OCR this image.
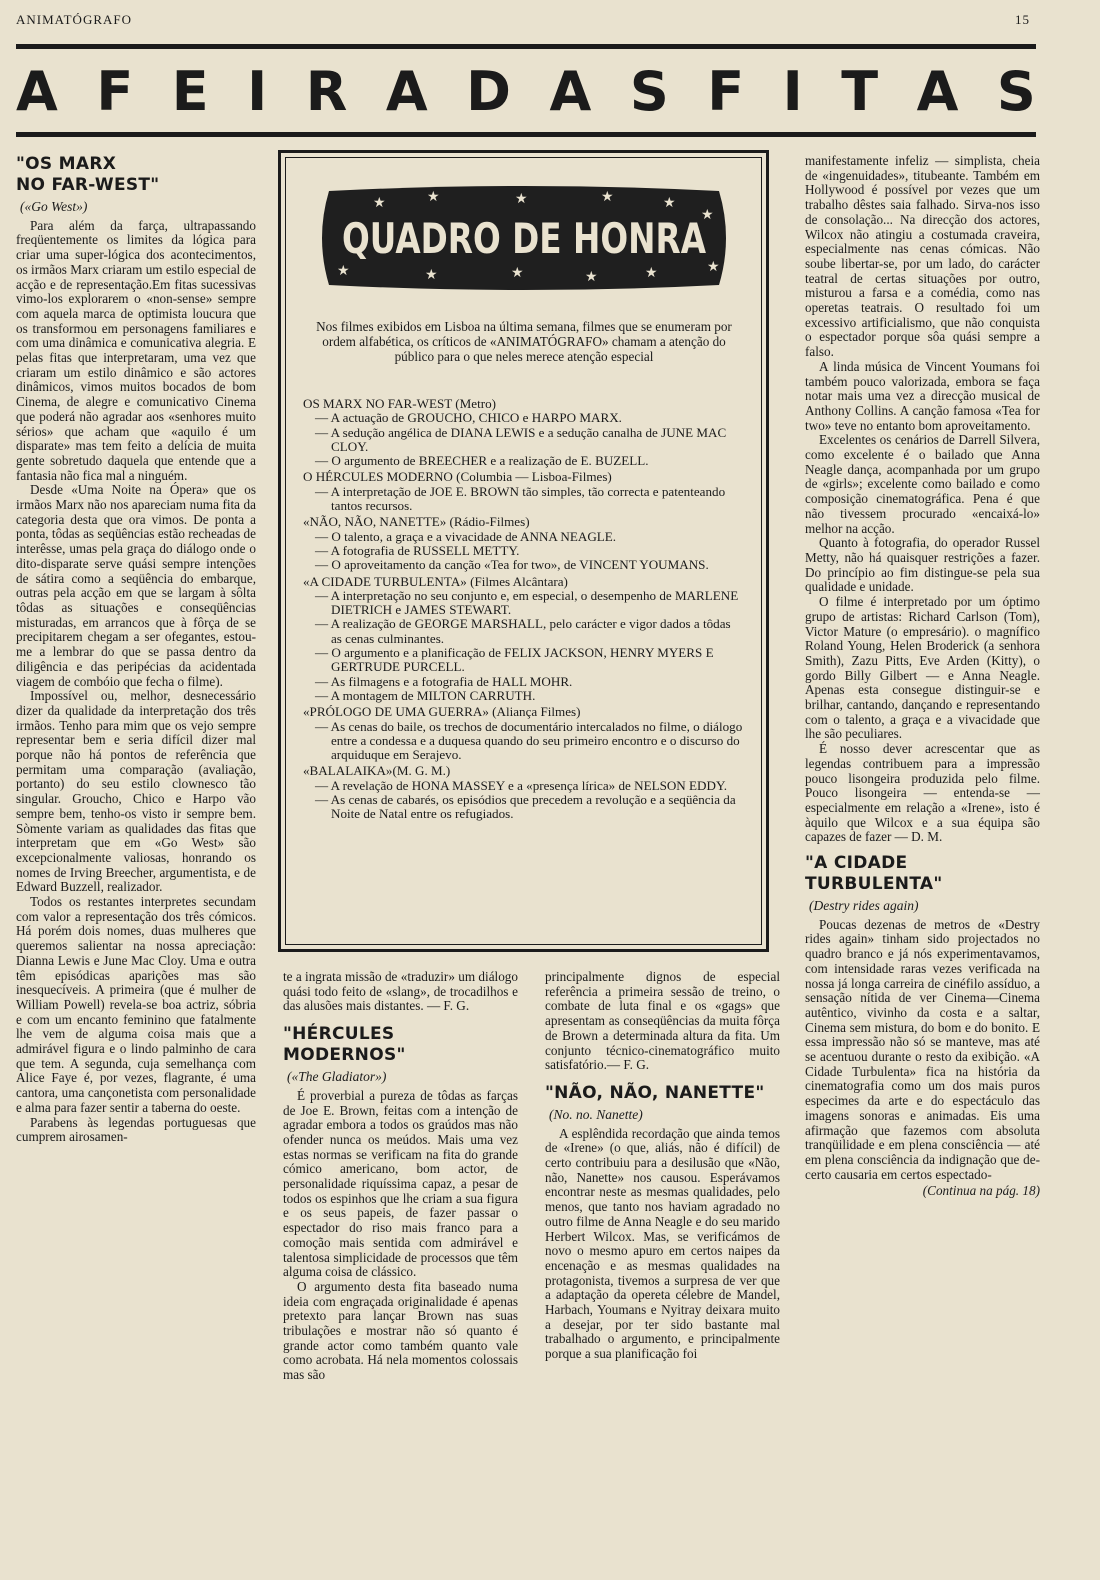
ANIMATÓGRAFO	15
A F E I R A D A S F I T A S
"OS MARX
NO FAR-WEST"
(«Go West»)

Para além da farça, ultrapassando freqüentemente os limites da lógica para criar uma super-lógica dos acontecimentos, os irmãos Marx criaram um estilo especial de acção e de representação.Em fitas sucessivas vimo-los explorarem o «non-sense» sempre com aquela marca de optimista loucura que os transformou em personagens familiares e com uma dinâmica e comunicativa alegria. E pelas fitas que interpretaram, uma vez que criaram um estilo dinâmico e são actores dinâmicos, vimos muitos bocados de bom Cinema, de alegre e comunicativo Cinema que poderá não agradar aos «senhores muito sérios» que acham que «aquilo é um disparate» mas tem feito a delícia de muita gente sobretudo daquela que entende que a fantasia não fica mal a ninguém.

Desde «Uma Noite na Ópera» que os irmãos Marx não nos apareciam numa fita da categoria desta que ora vimos. De ponta a ponta, tôdas as seqüências estão recheadas de interêsse, umas pela graça do diálogo onde o dito-disparate serve quási sempre intenções de sátira como a seqüência do embarque, outras pela acção em que se largam à sôlta tôdas as situações e conseqüências misturadas, em arrancos que à fôrça de se precipitarem chegam a ser ofegantes, estou-me a lembrar do que se passa dentro da diligência e das peripécias da acidentada viagem de combóio que fecha o filme).

Impossível ou, melhor, desnecessário dizer da qualidade da interpretação dos três irmãos. Tenho para mim que os vejo sempre representar bem e seria difícil dizer mal porque não há pontos de referência que permitam uma comparação (avaliação, portanto) do seu estilo clownesco tão singular. Groucho, Chico e Harpo vão sempre bem, tenho-os visto ir sempre bem. Sòmente variam as qualidades das fitas que interpretam que em «Go West» são excepcionalmente valiosas, honrando os nomes de Irving Breecher, argumentista, e de Edward Buzzell, realizador.

Todos os restantes interpretes secundam com valor a representação dos três cómicos. Há porém dois nomes, duas mulheres que queremos salientar na nossa apreciação: Dianna Lewis e June Mac Cloy. Uma e outra têm episódicas aparições mas são inesquecíveis. A primeira (que é mulher de William Powell) revela-se boa actriz, sóbria e com um encanto feminino que fatalmente lhe vem de alguma coisa mais que a admirável figura e o lindo palminho de cara que tem. A segunda, cuja semelhança com Alice Faye é, por vezes, flagrante, é uma cantora, uma cançonetista com personalidade e alma para fazer sentir a taberna do oeste.

Parabens às legendas portuguesas que cumprem airosamen-

★	★	★	★	★
★
★	★	★	★	★	★
QUADRO DE HONRA
Nos filmes exibidos em Lisboa na última semana, filmes que se enumeram por ordem alfabética, os críticos de «ANIMATÓGRAFO» chamam a atenção do público para o que neles merece atenção especial

OS MARX NO FAR-WEST (Metro)

— A actuação de GROUCHO, CHICO e HARPO MARX.

— A sedução angélica de DIANA LEWIS e a sedução canalha de JUNE MAC CLOY.

— O argumento de BREECHER e a realização de E. BUZELL.

O HÉRCULES MODERNO (Columbia — Lisboa-Filmes)

— A interpretação de JOE E. BROWN tão simples, tão correcta e patenteando tantos recursos.

«NÃO, NÃO, NANETTE» (Rádio-Filmes)

— O talento, a graça e a vivacidade de ANNA NEAGLE.

— A fotografia de RUSSELL METTY.

— O aproveitamento da canção «Tea for two», de VINCENT YOUMANS.

«A CIDADE TURBULENTA» (Filmes Alcântara)

— A interpretação no seu conjunto e, em especial, o desempenho de MARLENE DIETRICH e JAMES STEWART.

— A realização de GEORGE MARSHALL, pelo carácter e vigor dados a tôdas as cenas culminantes.

— O argumento e a planificação de FELIX JACKSON, HENRY MYERS E GERTRUDE PURCELL.

— As filmagens e a fotografia de HALL MOHR.

— A montagem de MILTON CARRUTH.

«PRÓLOGO DE UMA GUERRA» (Aliança Filmes)

— As cenas do baile, os trechos de documentário intercalados no filme, o diálogo entre a condessa e a duquesa quando do seu primeiro encontro e o discurso do arquiduque em Serajevo.

«BALALAIKA»(M. G. M.)

— A revelação de HONA MASSEY e a «presença lírica» de NELSON EDDY.

— As cenas de cabarés, os episódios que precedem a revolução e a seqüência da Noite de Natal entre os refugiados.

te a ingrata missão de «traduzir» um diálogo quási todo feito de «slang», de trocadilhos e das alusões mais distantes. — F. G.

"HÉRCULES
MODERNOS"
(«The Gladiator»)

É proverbial a pureza de tôdas as farças de Joe E. Brown, feitas com a intenção de agradar embora a todos os graúdos mas não ofender nunca os meúdos. Mais uma vez estas normas se verificam na fita do grande cómico americano, bom actor, de personalidade riquíssima capaz, a pesar de todos os espinhos que lhe criam a sua figura e os seus papeis, de fazer passar o espectador do riso mais franco para a comoção mais sentida com admirável e talentosa simplicidade de processos que têm alguma coisa de clássico.

O argumento desta fita baseado numa ideia com engraçada originalidade é apenas pretexto para lançar Brown nas suas tribulações e mostrar não só quanto é grande actor como também quanto vale como acrobata. Há nela momentos colossais mas são

principalmente dignos de especial referência a primeira sessão de treino, o combate de luta final e os «gags» que apresentam as conseqüências da muita fôrça de Brown a determinada altura da fita. Um conjunto técnico-cinematográfico muito satisfatório.— F. G.

"NÃO, NÃO, NANETTE"
(No. no. Nanette)

A esplêndida recordação que ainda temos de «Irene» (o que, aliás, não é difícil) de certo contribuiu para a desilusão que «Não, não, Nanette» nos causou. Esperávamos encontrar neste as mesmas qualidades, pelo menos, que tanto nos haviam agradado no outro filme de Anna Neagle e do seu marido Herbert Wilcox. Mas, se verificámos de novo o mesmo apuro em certos naipes da encenação e as mesmas qualidades na protagonista, tivemos a surpresa de ver que a adaptação da opereta célebre de Mandel, Harbach, Youmans e Nyitray deixara muito a desejar, por ter sido bastante mal trabalhado o argumento, e principalmente porque a sua planificação foi

manifestamente infeliz — simplista, cheia de «ingenuidades», titubeante. Também em Hollywood é possível por vezes que um trabalho dêstes saia falhado. Sirva-nos isso de consolação... Na direcção dos actores, Wilcox não atingiu a costumada craveira, especialmente nas cenas cómicas. Não soube libertar-se, por um lado, do carácter teatral de certas situações por outro, misturou a farsa e a comédia, como nas operetas teatrais. O resultado foi um excessivo artificialismo, que não conquista o espectador porque sôa quási sempre a falso.

A linda música de Vincent Youmans foi também pouco valorizada, embora se faça notar mais uma vez a direcção musical de Anthony Collins. A canção famosa «Tea for two» teve no entanto bom aproveitamento.

Excelentes os cenários de Darrell Silvera, como excelente é o bailado que Anna Neagle dança, acompanhada por um grupo de «girls»; excelente como bailado e como composição cinematográfica. Pena é que não tivessem procurado «encaixá-lo» melhor na acção.

Quanto à fotografia, do operador Russel Metty, não há quaisquer restrições a fazer. Do princípio ao fim distingue-se pela sua qualidade e unidade.

O filme é interpretado por um óptimo grupo de artistas: Richard Carlson (Tom), Victor Mature (o empresário). o magnífico Roland Young, Helen Broderick (a senhora Smith), Zazu Pitts, Eve Arden (Kitty), o gordo Billy Gilbert — e Anna Neagle. Apenas esta consegue distinguir-se e brilhar, cantando, dançando e representando com o talento, a graça e a vivacidade que lhe são peculiares.

É nosso dever acrescentar que as legendas contribuem para a impressão pouco lisongeira produzida pelo filme. Pouco lisongeira — entenda-se — especialmente em relação a «Irene», isto é àquilo que Wilcox e a sua équipa são capazes de fazer — D. M.

"A CIDADE
TURBULENTA"
(Destry rides again)

Poucas dezenas de metros de «Destry rides again» tinham sido projectados no quadro branco e já nós experimentavamos, com intensidade raras vezes verificada na nossa já longa carreira de cinéfilo assíduo, a sensação nítida de ver Cinema—Cinema autêntico, vivinho da costa e a saltar, Cinema sem mistura, do bom e do bonito. E essa impressão não só se manteve, mas até se acentuou durante o resto da exibição. «A Cidade Turbulenta» fica na história da cinematografia como um dos mais puros especimes da arte e do espectáculo das imagens sonoras e animadas. Eis uma afirmação que fazemos com absoluta tranqüilidade e em plena consciência — até em plena consciência da indignação que de-certo causaria em certos espectado-

(Continua na pág. 18)
